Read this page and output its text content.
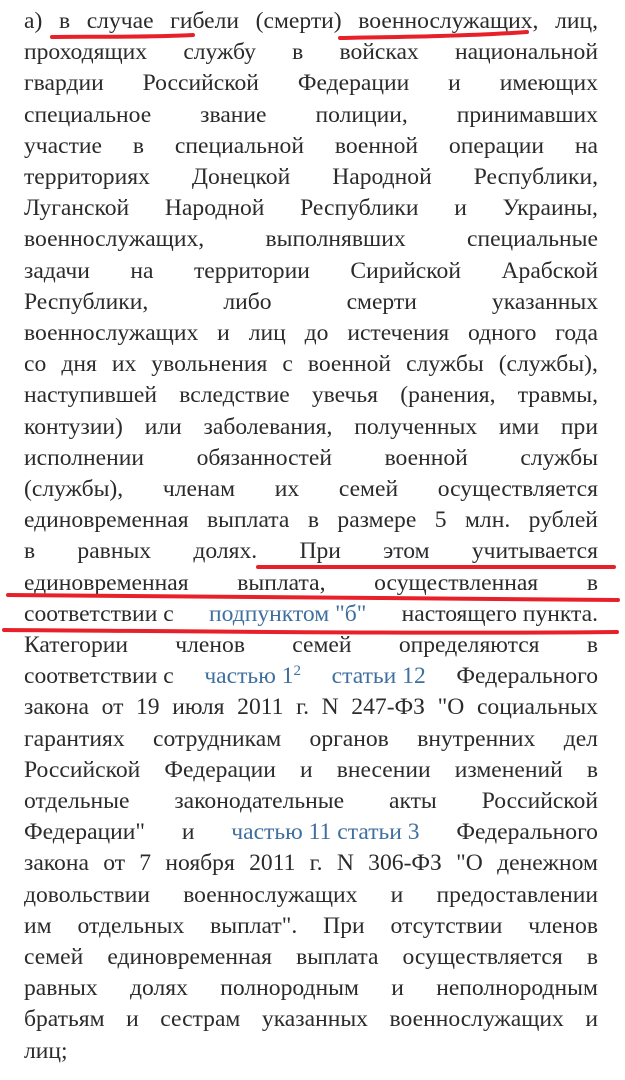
а) в случае гибели (смерти) военнослужащих, лиц,
проходящих службу в войсках национальной
гвардии Российской Федерации и имеющих
специальное звание полиции, принимавших
участие в специальной военной операции на
территориях Донецкой Народной Республики,
Луганской Народной Республики и Украины,
военнослужащих,	выполнявших	специальные
задачи на территории Сирийской Арабской
Республики,	либо	смерти	указанных
военнослужащих и лиц до истечения одного года
со дня их увольнения с военной службы (службы),
наступившей вследствие увечья (ранения, травмы,
контузии) или заболевания, полученных ими при
исполнении обязанностей военной службы
(службы), членам их семей осуществляется
единовременная выплата в размере 5 млн. рублей
в равных долях. При этом учитывается
единовременная выплата, осуществленная в
соответствии с подпунктом "б" настоящего пункта.
Категории членов семей определяются в
соответствии с частью 12 статьи 12 Федерального
закона от 19 июля 2011 г. N 247-ФЗ "О социальных
гарантиях сотрудникам органов внутренних дел
Российской Федерации и внесении изменений в
отдельные законодательные акты Российской
Федерации" и частью 11 статьи 3 Федерального
закона от 7 ноября 2011 г. N 306-ФЗ "О денежном
довольствии военнослужащих и предоставлении
им отдельных выплат". При отсутствии членов
семей единовременная выплата осуществляется в
равных долях полнородным и неполнородным
братьям и сестрам указанных военнослужащих и
лиц;
